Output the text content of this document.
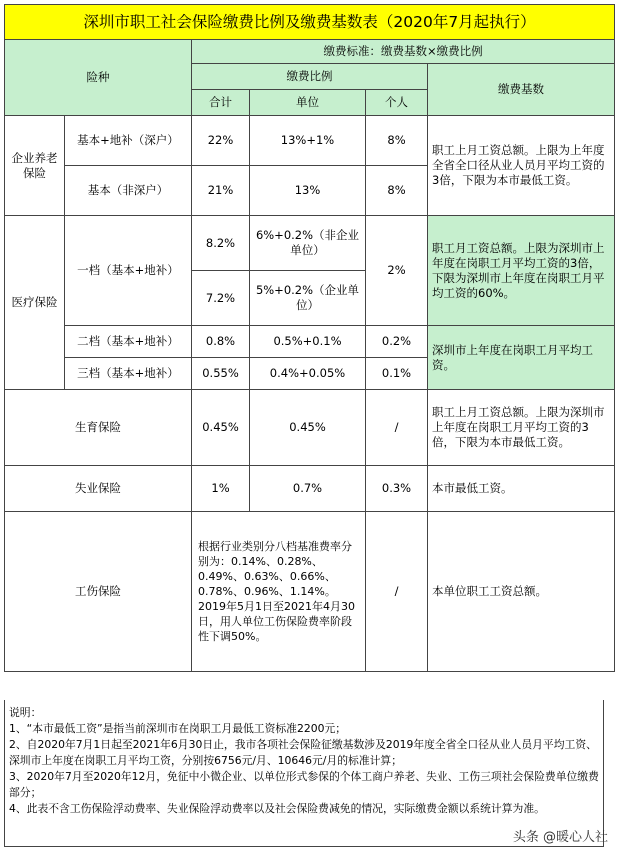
深圳市职工社会保险缴费比例及缴费基数表（2020年7月起执行）					
险种		缴费标准：缴费基数×缴费比例			
		缴费比例			缴费基数
		合计	单位	个人	
企业养老保险	基本+地补（深户）	22%	13%+1%	8%	职工上月工资总额。上限为上年度全省全口径从业人员月平均工资的3倍，下限为本市最低工资。
	基本（非深户）	21%	13%	8%	
医疗保险	一档（基本+地补）	8.2%	6%+0.2%（非企业单位）	2%	职工月工资总额。上限为深圳市上年度在岗职工月平均工资的3倍，下限为深圳市上年度在岗职工月平均工资的60%。
		7.2%	5%+0.2%（企业单位）		
	二档（基本+地补）	0.8%	0.5%+0.1%	0.2%	深圳市上年度在岗职工月平均工资。
	三档（基本+地补）	0.55%	0.4%+0.05%	0.1%	
生育保险		0.45%	0.45%	/	职工上月工资总额。上限为深圳市上年度在岗职工月平均工资的3倍，下限为本市最低工资。
失业保险		1%	0.7%	0.3%	本市最低工资。
工伤保险		根据行业类别分八档基准费率分别为：0.14%、0.28%、0.49%、0.63%、0.66%、0.78%、0.96%、1.14%。2019年5月1日至2021年4月30日，用人单位工伤保险费率阶段性下调50%。		/	本单位职工工资总额。
说明：
1、“本市最低工资”是指当前深圳市在岗职工月最低工资标准2200元；
2、自2020年7月1日起至2021年6月30日止，我市各项社会保险征缴基数涉及2019年度全省全口径从业人员月平均工资、深圳市上年度在岗职工月平均工资，分别按6756元/月、10646元/月的标准计算；
3、2020年7月至2020年12月，免征中小微企业、以单位形式参保的个体工商户养老、失业、工伤三项社会保险费单位缴费部分；
4、此表不含工伤保险浮动费率、失业保险浮动费率以及社会保险费减免的情况，实际缴费金额以系统计算为准。
头条 @暖心人社
